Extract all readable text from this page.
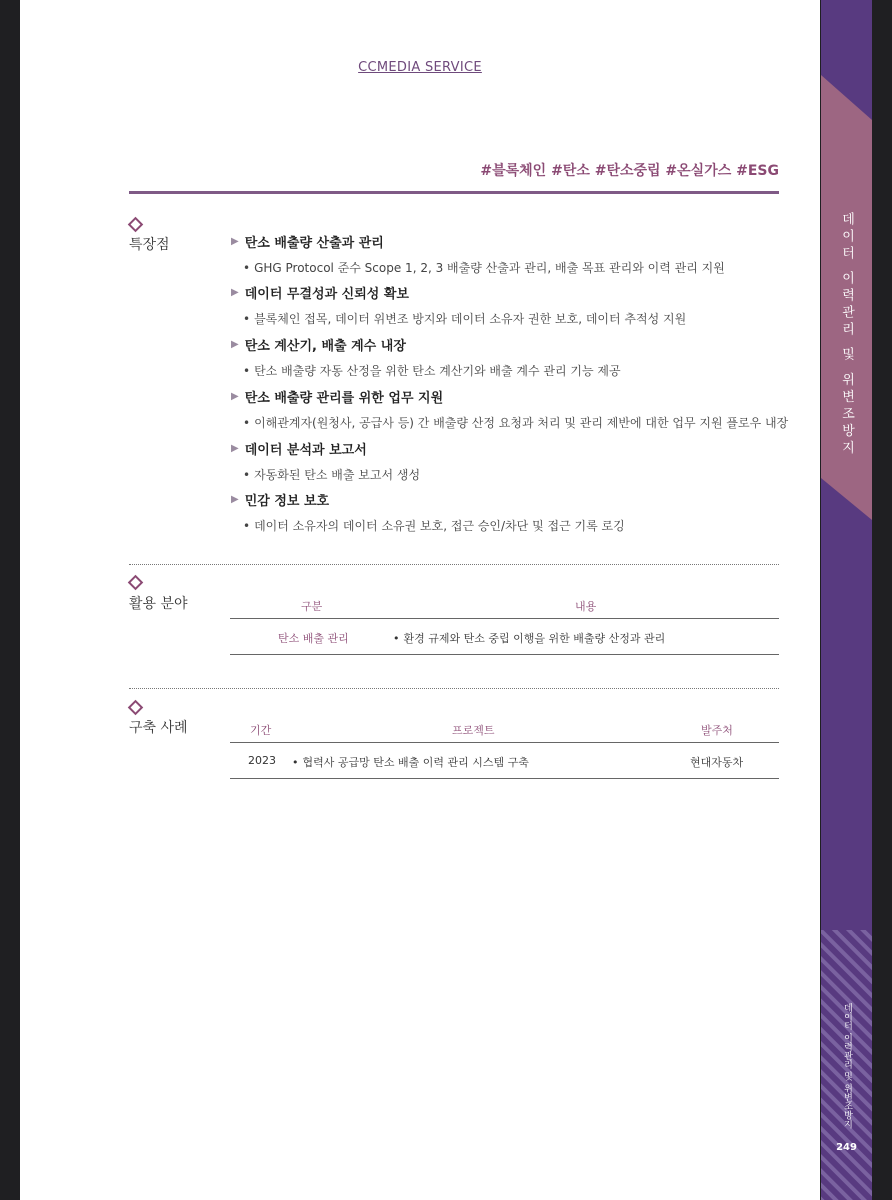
CCMEDIA SERVICE
#블록체인 #탄소 #탄소중립 #온실가스 #ESG
특장점	▶ 탄소 배출량 산출과 관리
• GHG Protocol 준수 Scope 1, 2, 3 배출량 산출과 관리, 배출 목표 관리와 이력 관리 지원
▶ 데이터 무결성과 신뢰성 확보
• 블록체인 접목, 데이터 위변조 방지와 데이터 소유자 권한 보호, 데이터 추적성 지원
▶ 탄소 계산기, 배출 계수 내장
• 탄소 배출량 자동 산정을 위한 탄소 계산기와 배출 계수 관리 기능 제공
▶ 탄소 배출량 관리를 위한 업무 지원
• 이해관계자(원청사, 공급사 등) 간 배출량 산정 요청과 처리 및 관리 제반에 대한 업무 지원 플로우 내장
▶ 데이터 분석과 보고서
• 자동화된 탄소 배출 보고서 생성
▶ 민감 정보 보호
• 데이터 소유자의 데이터 소유권 보호, 접근 승인/차단 및 접근 기록 로깅
활용 분야	구분	내용
탄소 배출 관리	• 환경 규제와 탄소 중립 이행을 위한 배출량 산정과 관리
구축 사례	기간	프로젝트	발주처
2023 • 협력사 공급망 탄소 배출 이력 관리 시스템 구축	현대자동차
데이터 이력관리 및 위변조방지
데이터 이력관리 및 위변조방지
249
